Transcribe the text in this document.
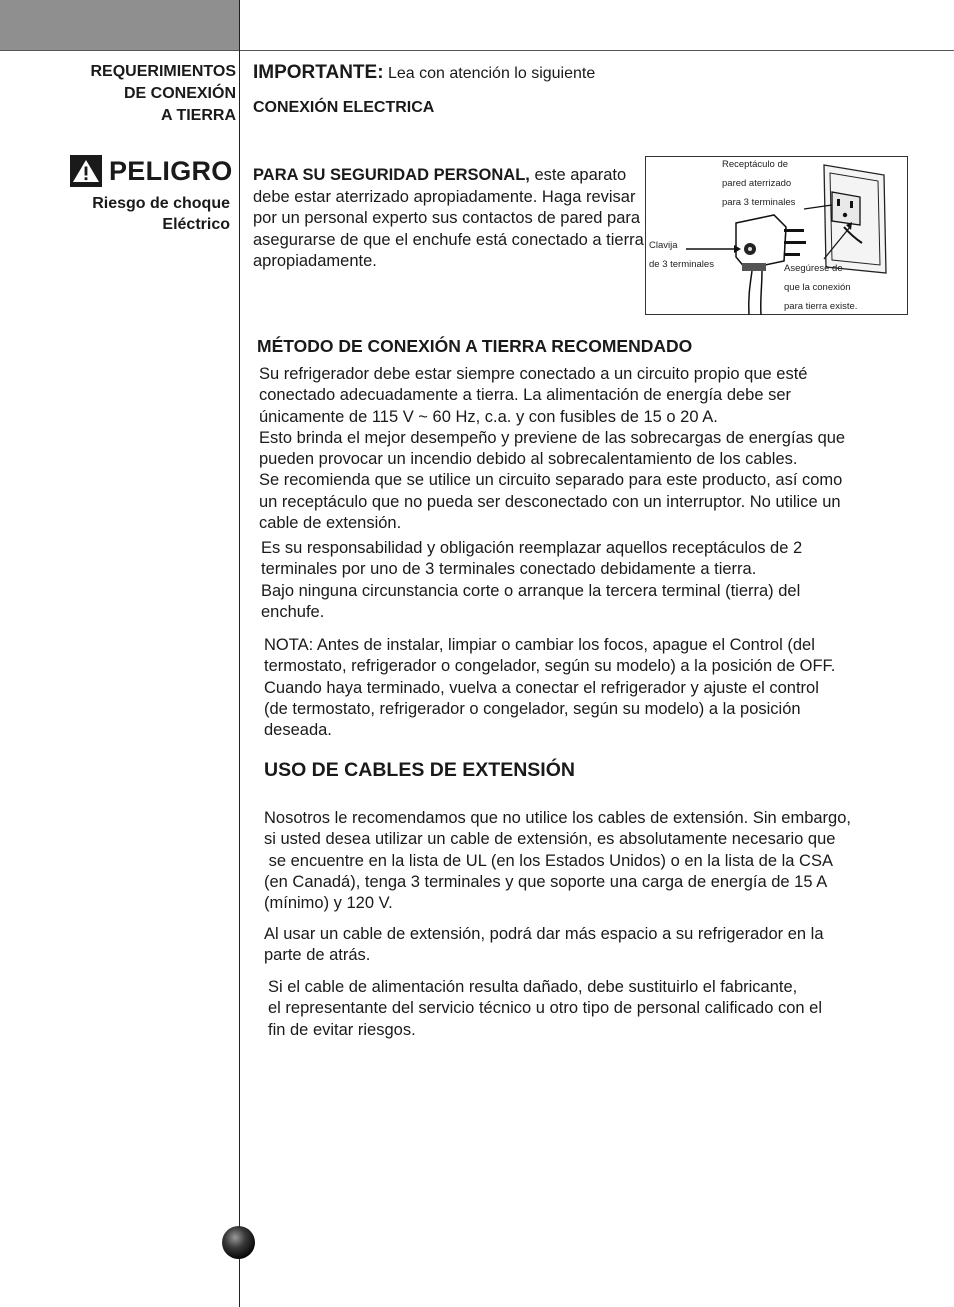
REQUERIMIENTOS
DE CONEXIÓN
A TIERRA
PELIGRO
Riesgo de choque
Eléctrico
IMPORTANTE: Lea con atención lo siguiente
CONEXIÓN ELECTRICA
PARA SU SEGURIDAD PERSONAL, este aparato debe estar aterrizado apropiadamente. Haga revisar por un personal experto sus contactos de pared para asegurarse de que el enchufe está conectado a tierra apropiadamente.
Receptáculo de
pared aterrizado
para 3 terminales
Clavija
de 3 terminales	Asegúrese de
que la conexión
para tierra existe.
MÉTODO DE CONEXIÓN A TIERRA RECOMENDADO
Su refrigerador debe estar siempre conectado a un circuito propio que esté
conectado adecuadamente a tierra. La alimentación de energía debe ser
únicamente de 115 V ~ 60 Hz, c.a. y con fusibles de 15 o 20 A.
Esto brinda el mejor desempeño y previene de las sobrecargas de energías que
pueden provocar un incendio debido al sobrecalentamiento de los cables.
Se recomienda que se utilice un circuito separado para este producto, así como
un receptáculo que no pueda ser desconectado con un interruptor. No utilice un
cable de extensión.
Es su responsabilidad y obligación reemplazar aquellos receptáculos de 2
terminales por uno de 3 terminales conectado debidamente a tierra.
Bajo ninguna circunstancia corte o arranque la tercera terminal (tierra) del
enchufe.
NOTA: Antes de instalar, limpiar o cambiar los focos, apague el Control (del
termostato, refrigerador o congelador, según su modelo) a la posición de OFF.
Cuando haya terminado, vuelva a conectar el refrigerador y ajuste el control
(de termostato, refrigerador o congelador, según su modelo) a la posición
deseada.
USO DE CABLES DE EXTENSIÓN
Nosotros le recomendamos que no utilice los cables de extensión. Sin embargo,
si usted desea utilizar un cable de extensión, es absolutamente necesario que
se encuentre en la lista de UL (en los Estados Unidos) o en la lista de la CSA
(en Canadá), tenga 3 terminales y que soporte una carga de energía de 15 A
(mínimo) y 120 V.
Al usar un cable de extensión, podrá dar más espacio a su refrigerador en la
parte de atrás.
Si el cable de alimentación resulta dañado, debe sustituirlo el fabricante,
el representante del servicio técnico u otro tipo de personal calificado con el
fin de evitar riesgos.
